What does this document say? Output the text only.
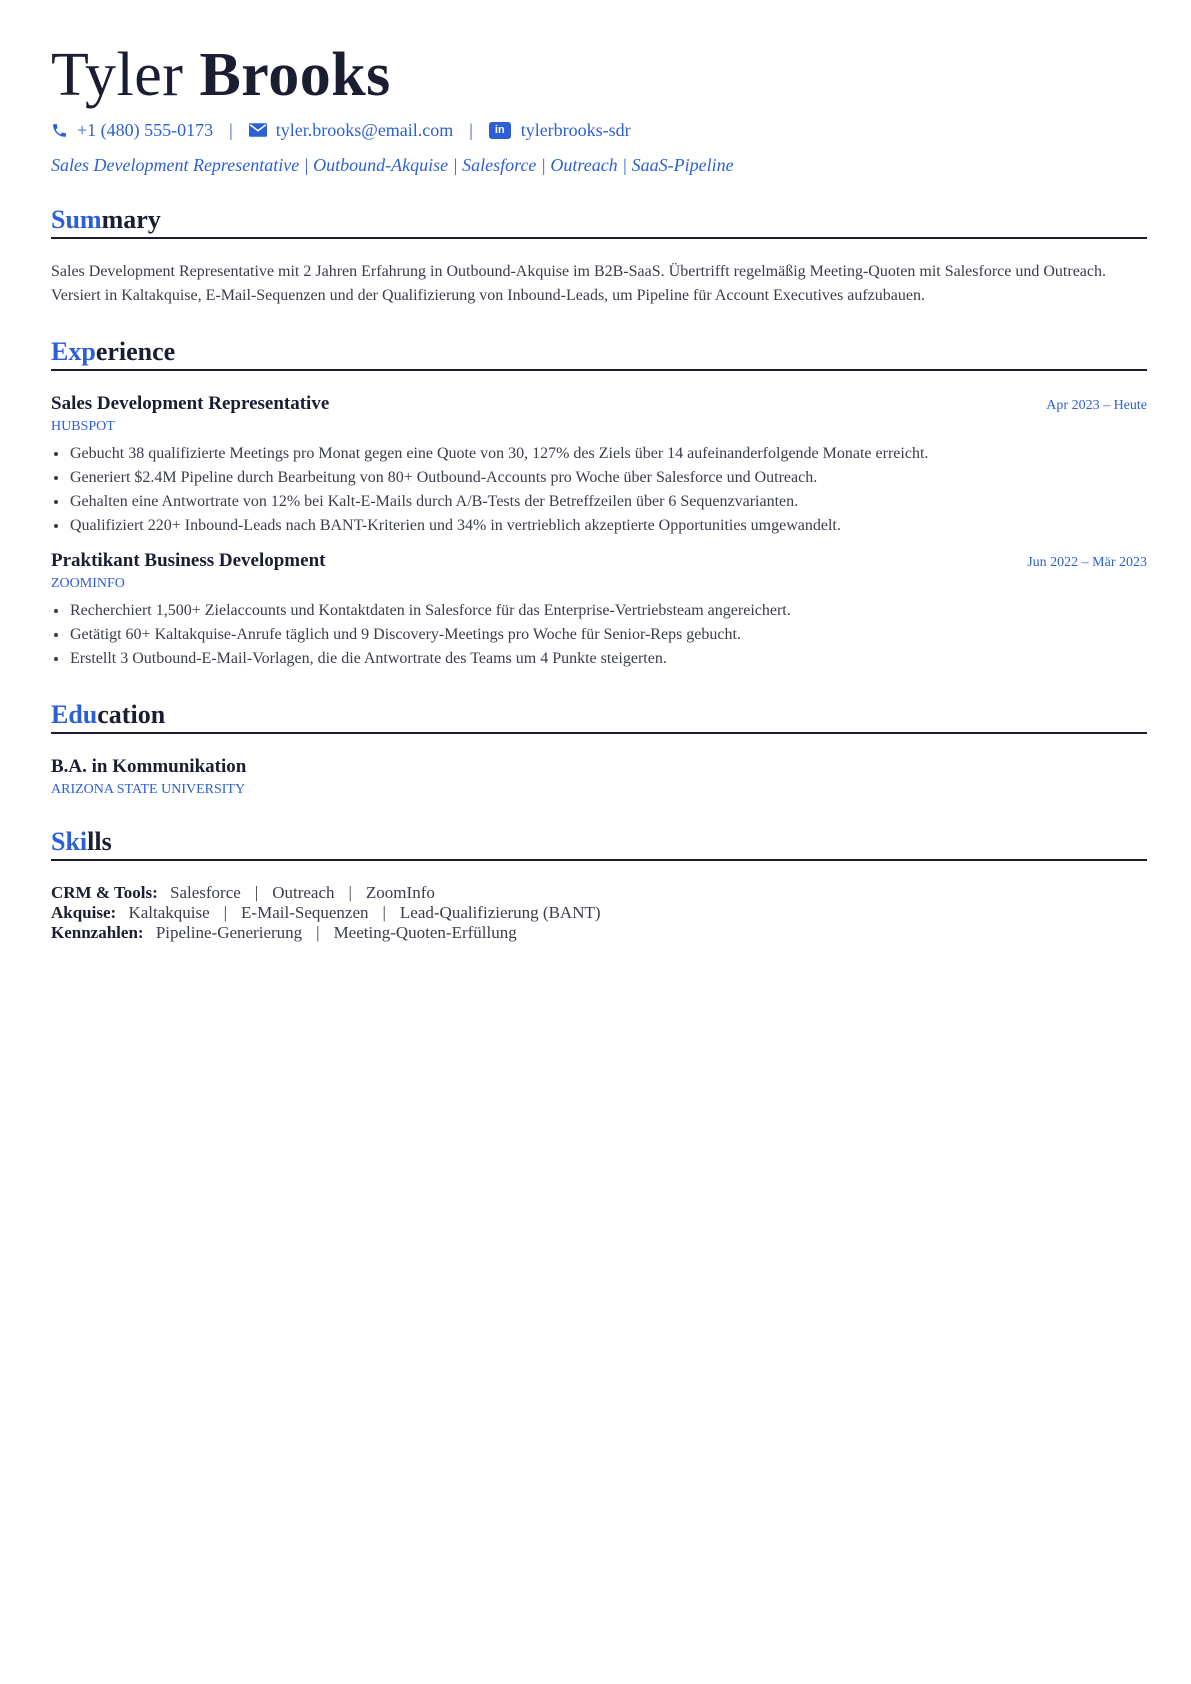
Tyler Brooks
+1 (480) 555-0173 | tyler.brooks@email.com |	in tylerbrooks-sdr
Sales Development Representative | Outbound-Akquise | Salesforce | Outreach | SaaS-Pipeline
Summary
Sales Development Representative mit 2 Jahren Erfahrung in Outbound-Akquise im B2B-SaaS. Übertrifft regelmäßig Meeting-Quoten mit Salesforce und Outreach. Versiert in Kaltakquise, E-Mail-Sequenzen und der Qualifizierung von Inbound-Leads, um Pipeline für Account Executives aufzubauen.
Experience
Sales Development Representative	Apr 2023 – Heute
HUBSPOT
• Gebucht 38 qualifizierte Meetings pro Monat gegen eine Quote von 30, 127% des Ziels über 14 aufeinanderfolgende Monate erreicht.
• Generiert $2.4M Pipeline durch Bearbeitung von 80+ Outbound-Accounts pro Woche über Salesforce und Outreach.
• Gehalten eine Antwortrate von 12% bei Kalt-E-Mails durch A/B-Tests der Betreffzeilen über 6 Sequenzvarianten.
• Qualifiziert 220+ Inbound-Leads nach BANT-Kriterien und 34% in vertrieblich akzeptierte Opportunities umgewandelt.
Praktikant Business Development	Jun 2022 – Mär 2023
ZOOMINFO
• Recherchiert 1,500+ Zielaccounts und Kontaktdaten in Salesforce für das Enterprise-Vertriebsteam angereichert.
• Getätigt 60+ Kaltakquise-Anrufe täglich und 9 Discovery-Meetings pro Woche für Senior-Reps gebucht.
• Erstellt 3 Outbound-E-Mail-Vorlagen, die die Antwortrate des Teams um 4 Punkte steigerten.
Education
B.A. in Kommunikation
ARIZONA STATE UNIVERSITY
Skills
CRM & Tools: Salesforce | Outreach | ZoomInfo
Akquise: Kaltakquise | E-Mail-Sequenzen | Lead-Qualifizierung (BANT)
Kennzahlen: Pipeline-Generierung | Meeting-Quoten-Erfüllung
